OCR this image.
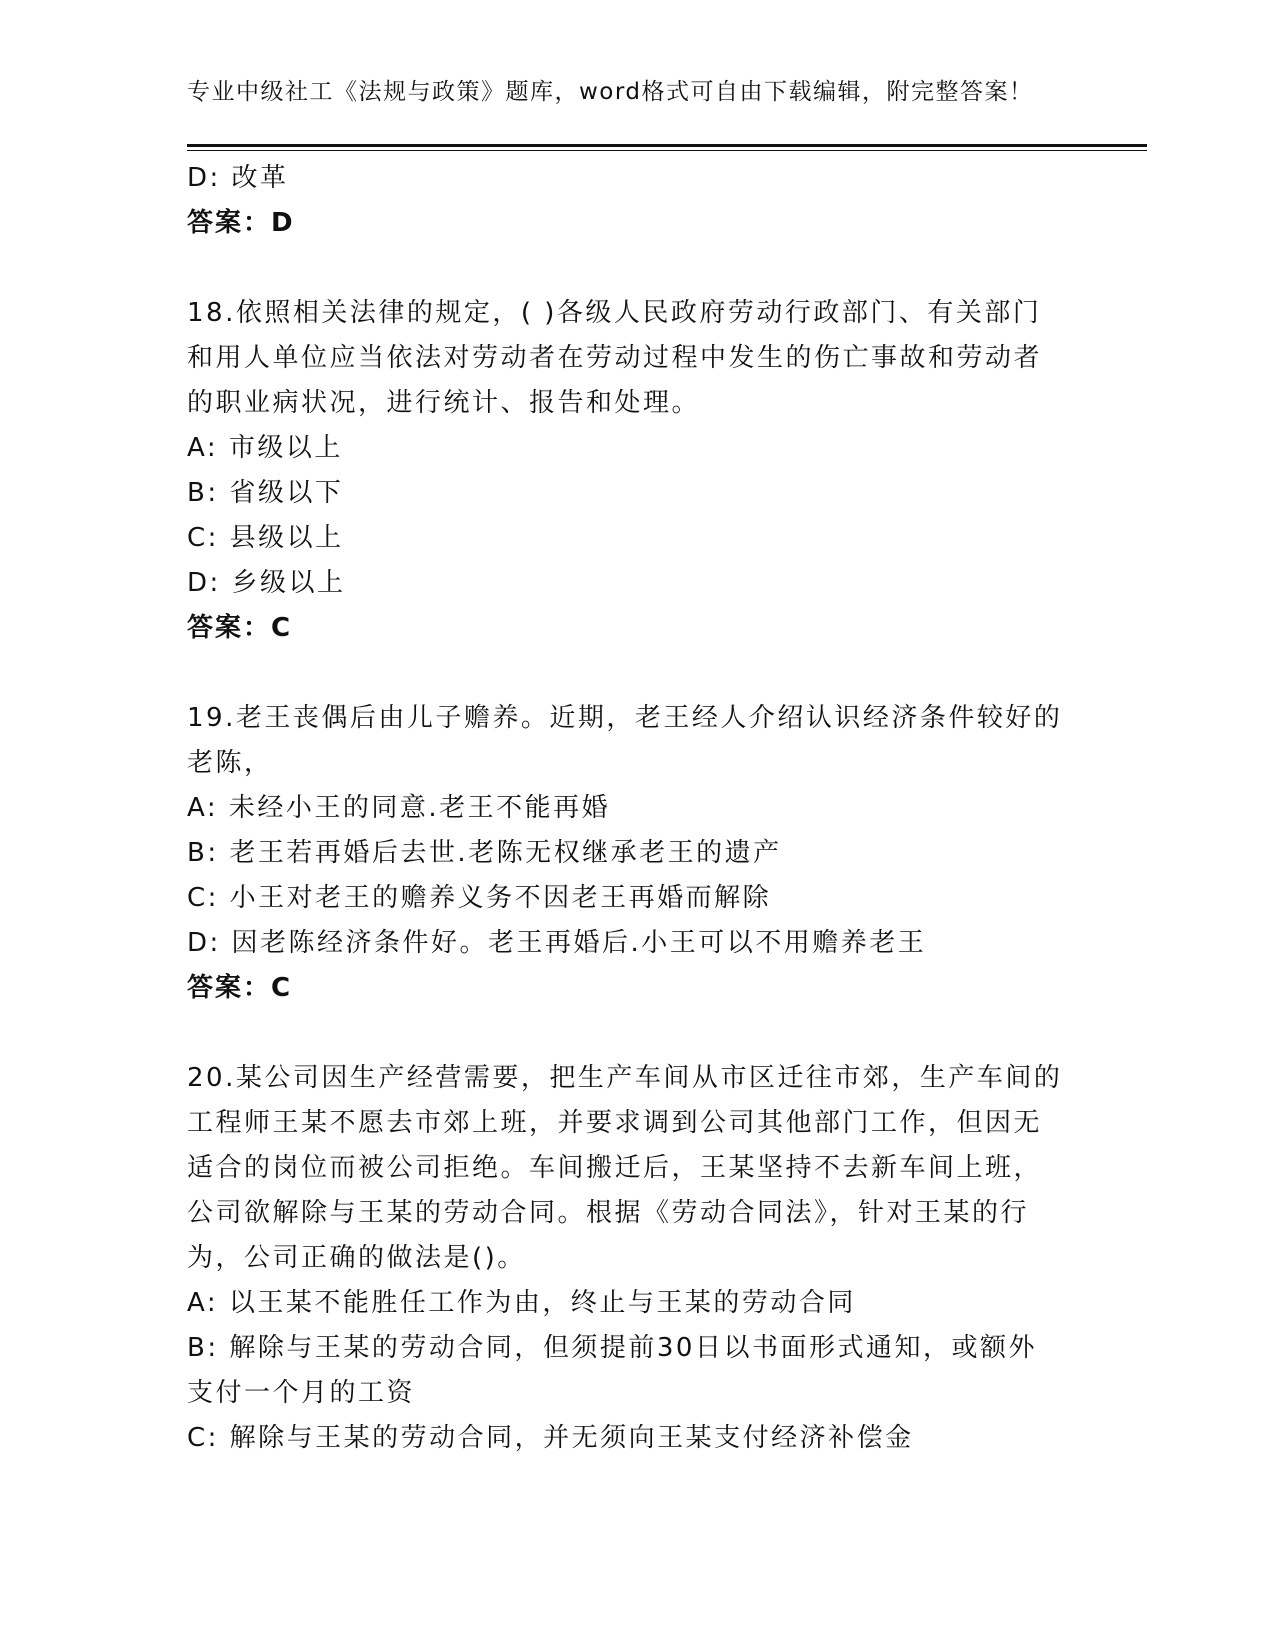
专业中级社工《法规与政策》题库，word格式可自由下载编辑，附完整答案！
D: 改革
答案：D
18.依照相关法律的规定，( )各级人民政府劳动行政部门、有关部门
和用人单位应当依法对劳动者在劳动过程中发生的伤亡事故和劳动者
的职业病状况，进行统计、报告和处理。
A: 市级以上
B: 省级以下
C: 县级以上
D: 乡级以上
答案：C
19.老王丧偶后由儿子赡养。近期，老王经人介绍认识经济条件较好的
老陈，
A: 未经小王的同意.老王不能再婚
B: 老王若再婚后去世.老陈无权继承老王的遗产
C: 小王对老王的赡养义务不因老王再婚而解除
D: 因老陈经济条件好。老王再婚后.小王可以不用赡养老王
答案：C
20.某公司因生产经营需要，把生产车间从市区迁往市郊，生产车间的
工程师王某不愿去市郊上班，并要求调到公司其他部门工作，但因无
适合的岗位而被公司拒绝。车间搬迁后，王某坚持不去新车间上班，
公司欲解除与王某的劳动合同。根据《劳动合同法》，针对王某的行
为，公司正确的做法是()。
A: 以王某不能胜任工作为由，终止与王某的劳动合同
B: 解除与王某的劳动合同，但须提前30日以书面形式通知，或额外
支付一个月的工资
C: 解除与王某的劳动合同，并无须向王某支付经济补偿金
